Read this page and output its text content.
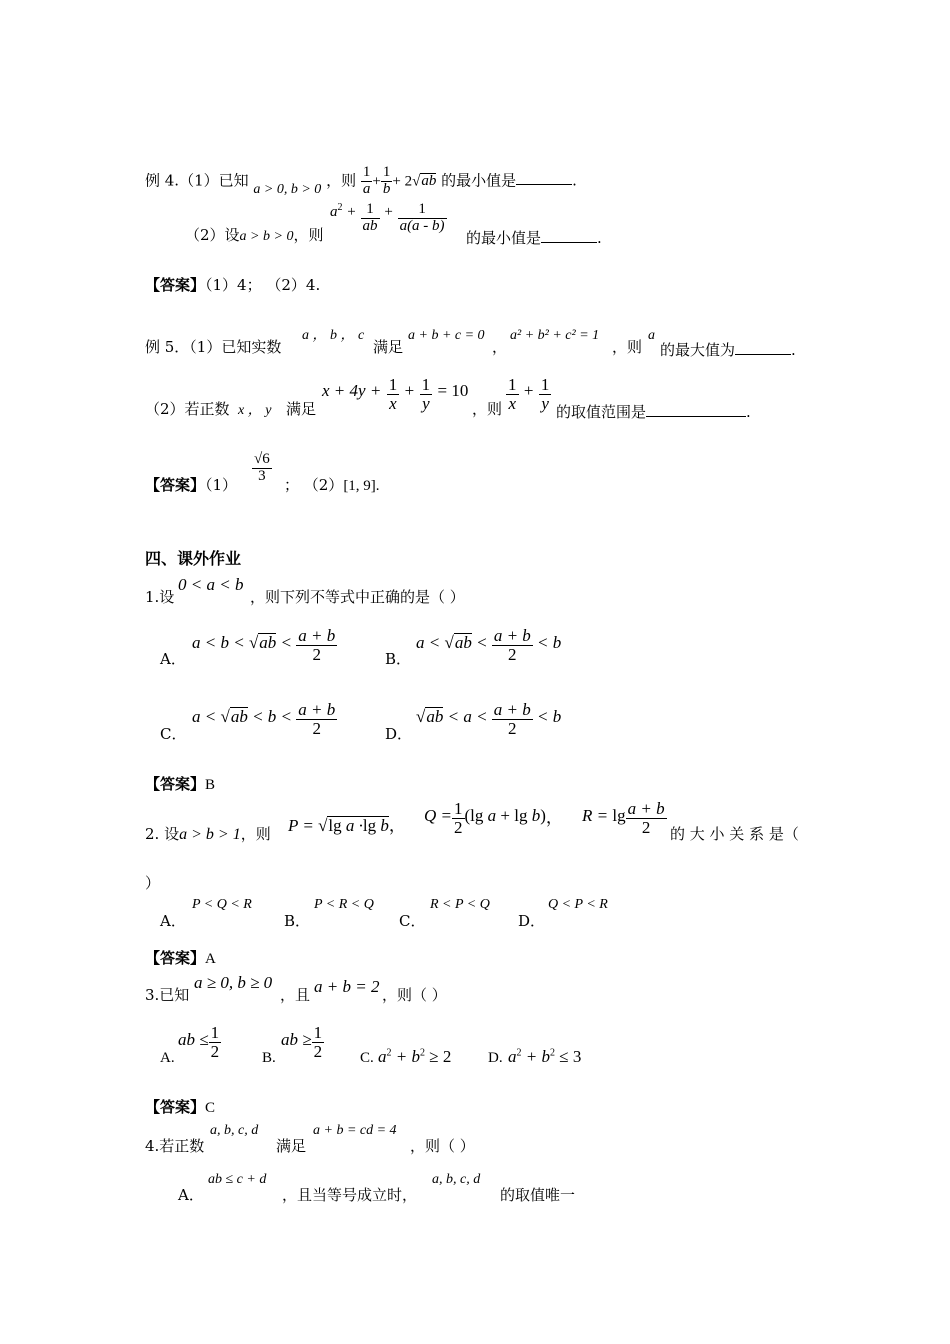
例 4.（1）已知 a > 0, b > 0 ，则 $\frac{1}{a} + \frac{1}{b} + 2√ab$ 的最小值是	.
（2）设a > b > 0，则
$a^2 + \frac{1}{ab} + \frac{1}{a(a - b)}$
的最小值是	.
【答案】（1）4； （2）4.
例 5．（1）已知实数
a ， b ， c
满足
a + b + c = 0
，
a² + b² + c² = 1
，则
a
的最大值为	.
（2）若正数 x ， y 满足
$x + 4y + \frac{1}{x} + \frac{1}{y} = 10$
，则 $\frac{1}{x} + \frac{1}{y}$ 的取值范围是	.
【答案】（1）
$\frac{√6}{3}$
； （2）[1, 9].
四、课外作业
1.设
0 < a < b
，则下列不等式中正确的是（ ）
A．
$a < b < √ab < \frac{a + b}{2}$	B．
$a < √ab < \frac{a + b}{2} < b$
C．
$a < √ab < b < \frac{a + b}{2}$	D．
$√ab < a < \frac{a + b}{2} < b$
【答案】B
2. 设a > b > 1，则 P = √lg a ·lg b，
$Q = \frac{1}{2} (\lg$ a + lg b)， $R = \lg \frac{a + b}{2}$ 的 大 小 关 系 是（
）
A．
P < Q < R
B．
P < R < Q
C．
R < P < Q
D．
Q < P < R
【答案】A
3.已知
a ≥ 0, b ≥ 0
，且 a + b = 2 ，则（ ）
A.
ab ≤ $\frac{1}{2}$	B.
ab ≥ $\frac{1}{2} C$. $a^2 + b^2 \ge 2$ D. $a^2 + b^2 \le 3$
【答案】C
4.若正数
a, b, c, d
满足
a + b = cd = 4
，则（ ）
A．
ab ≤ c + d
，且当等号成立时，
a, b, c, d
的取值唯一
